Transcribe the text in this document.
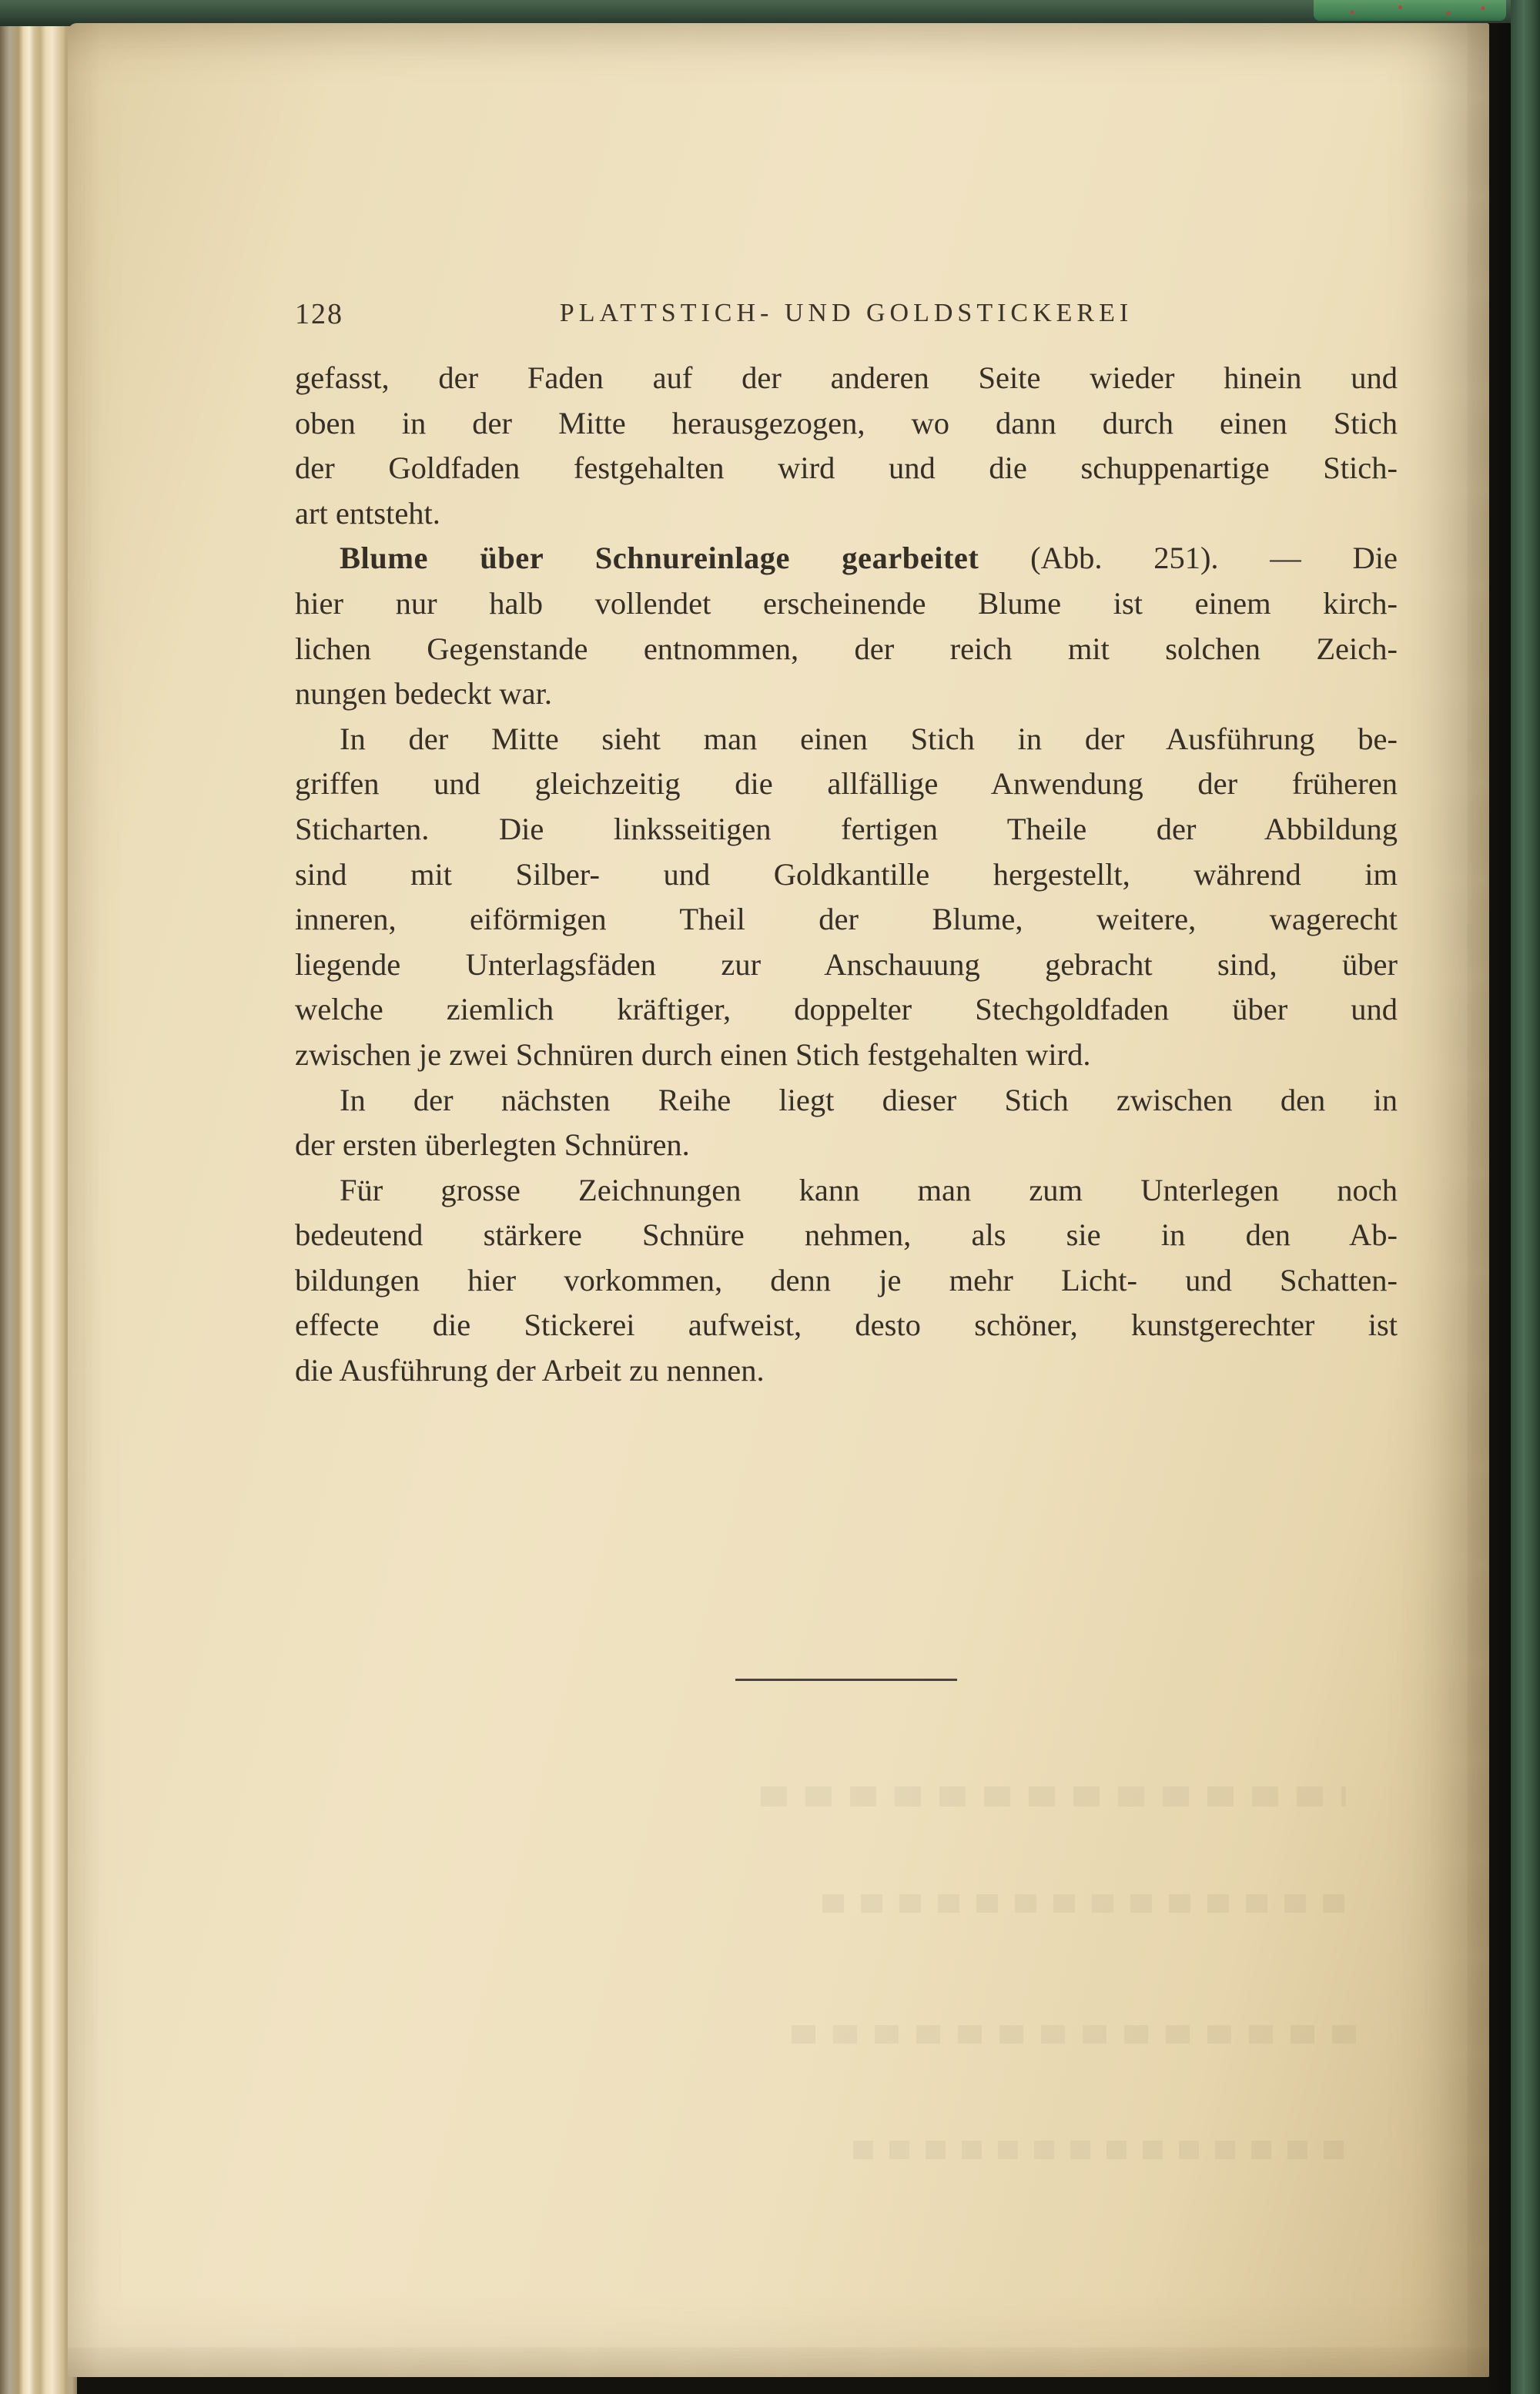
128	PLATTSTICH- UND GOLDSTICKEREI
gefasst, der Faden auf der anderen Seite wieder hinein und
oben in der Mitte herausgezogen, wo dann durch einen Stich
der Goldfaden festgehalten wird und die schuppenartige Stich-
art entsteht.
Blume über Schnureinlage gearbeitet (Abb. 251). — Die
hier nur halb vollendet erscheinende Blume ist einem kirch-
lichen Gegenstande entnommen, der reich mit solchen Zeich-
nungen bedeckt war.
In der Mitte sieht man einen Stich in der Ausführung be-
griffen und gleichzeitig die allfällige Anwendung der früheren
Sticharten. Die linksseitigen fertigen Theile der Abbildung
sind mit Silber- und Goldkantille hergestellt, während im
inneren, eiförmigen Theil der Blume, weitere, wagerecht
liegende Unterlagsfäden zur Anschauung gebracht sind, über
welche ziemlich kräftiger, doppelter Stechgoldfaden über und
zwischen je zwei Schnüren durch einen Stich festgehalten wird.
In der nächsten Reihe liegt dieser Stich zwischen den in
der ersten überlegten Schnüren.
Für grosse Zeichnungen kann man zum Unterlegen noch
bedeutend stärkere Schnüre nehmen, als sie in den Ab-
bildungen hier vorkommen, denn je mehr Licht- und Schatten-
effecte die Stickerei aufweist, desto schöner, kunstgerechter ist
die Ausführung der Arbeit zu nennen.
